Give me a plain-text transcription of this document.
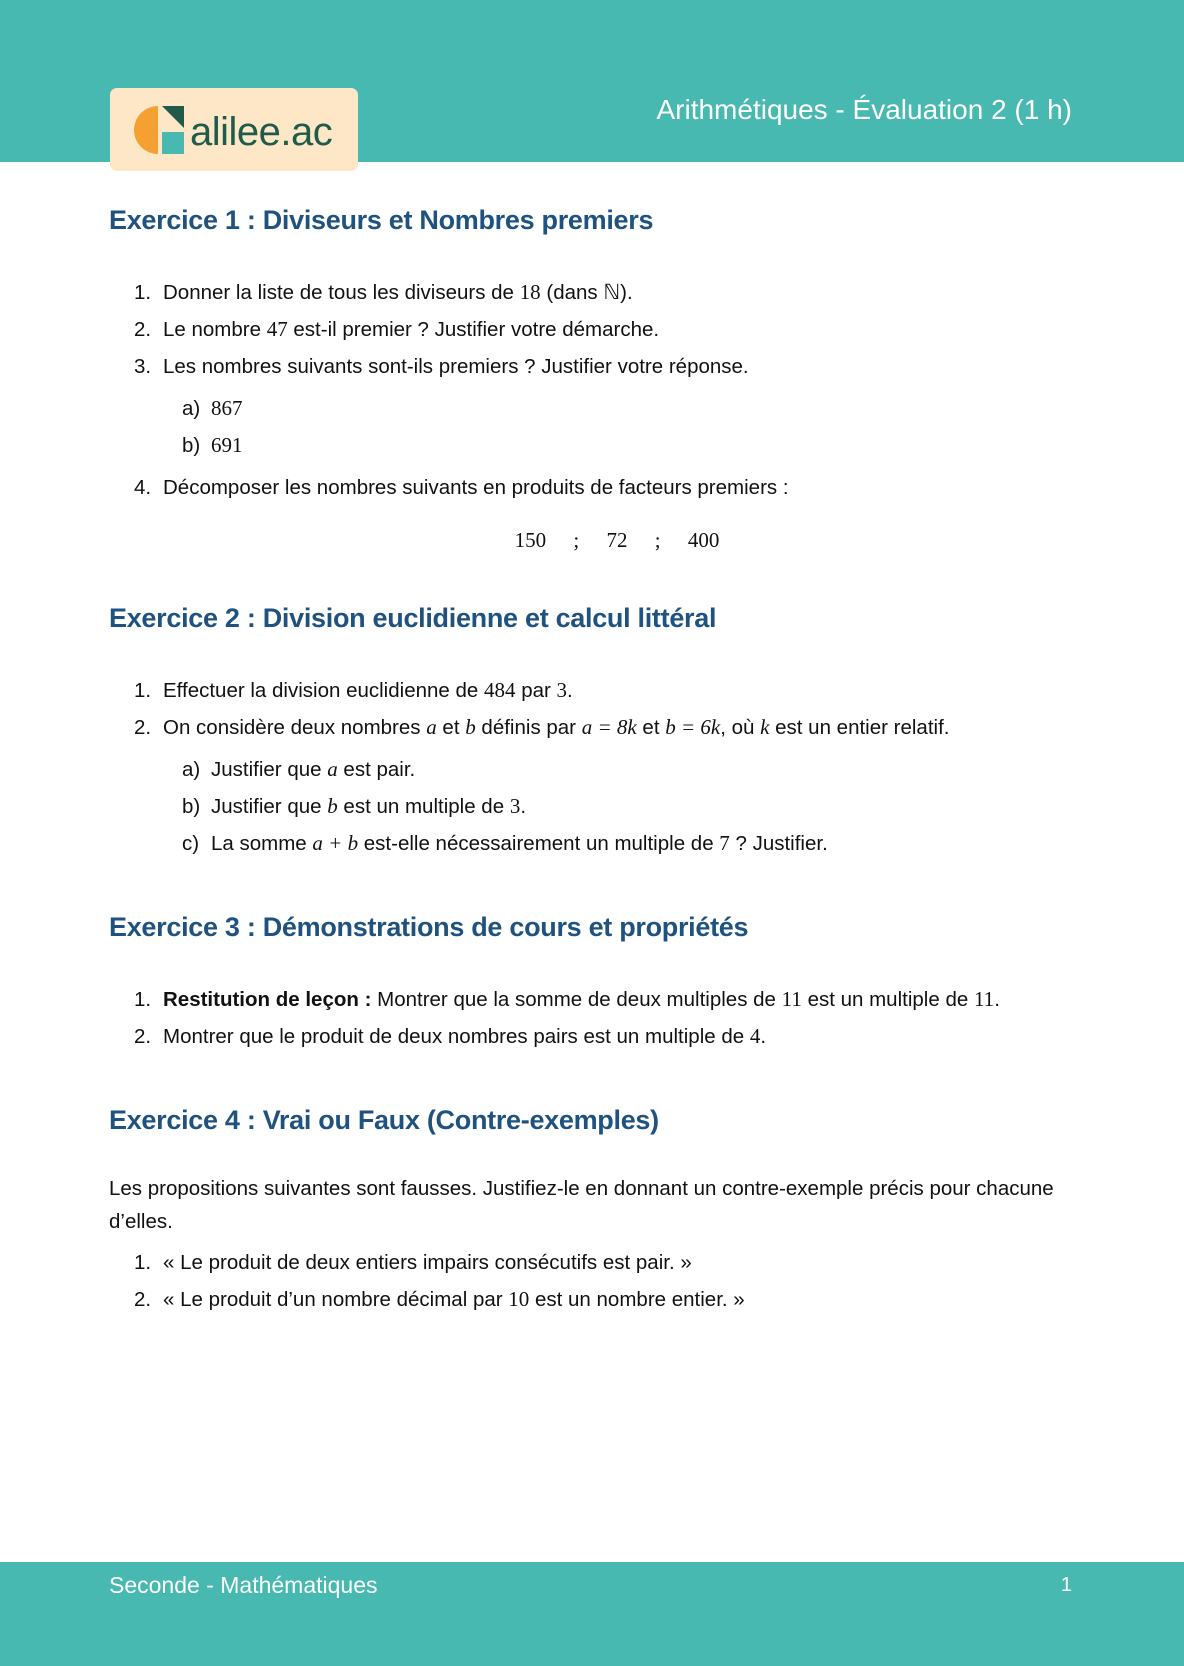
alilee.ac
Arithmétiques - Évaluation 2 (1 h)
Exercice 1 : Diviseurs et Nombres premiers
1. Donner la liste de tous les diviseurs de 18 (dans ℕ).
2. Le nombre 47 est-il premier ? Justifier votre démarche.
3. Les nombres suivants sont-ils premiers ? Justifier votre réponse.
a) 867
b) 691
4. Décomposer les nombres suivants en produits de facteurs premiers :
150 ; 72 ; 400
Exercice 2 : Division euclidienne et calcul littéral
1. Effectuer la division euclidienne de 484 par 3.
2. On considère deux nombres a et b définis par a = 8k et b = 6k, où k est un entier relatif.
a) Justifier que a est pair.
b) Justifier que b est un multiple de 3.
c) La somme a + b est-elle nécessairement un multiple de 7 ? Justifier.
Exercice 3 : Démonstrations de cours et propriétés
1. Restitution de leçon : Montrer que la somme de deux multiples de 11 est un multiple de 11.
2. Montrer que le produit de deux nombres pairs est un multiple de 4.
Exercice 4 : Vrai ou Faux (Contre-exemples)

Les propositions suivantes sont fausses. Justifiez-le en donnant un contre-exemple précis pour chacune d’elles.

1. « Le produit de deux entiers impairs consécutifs est pair. »
2. « Le produit d’un nombre décimal par 10 est un nombre entier. »
Seconde - Mathématiques	1
